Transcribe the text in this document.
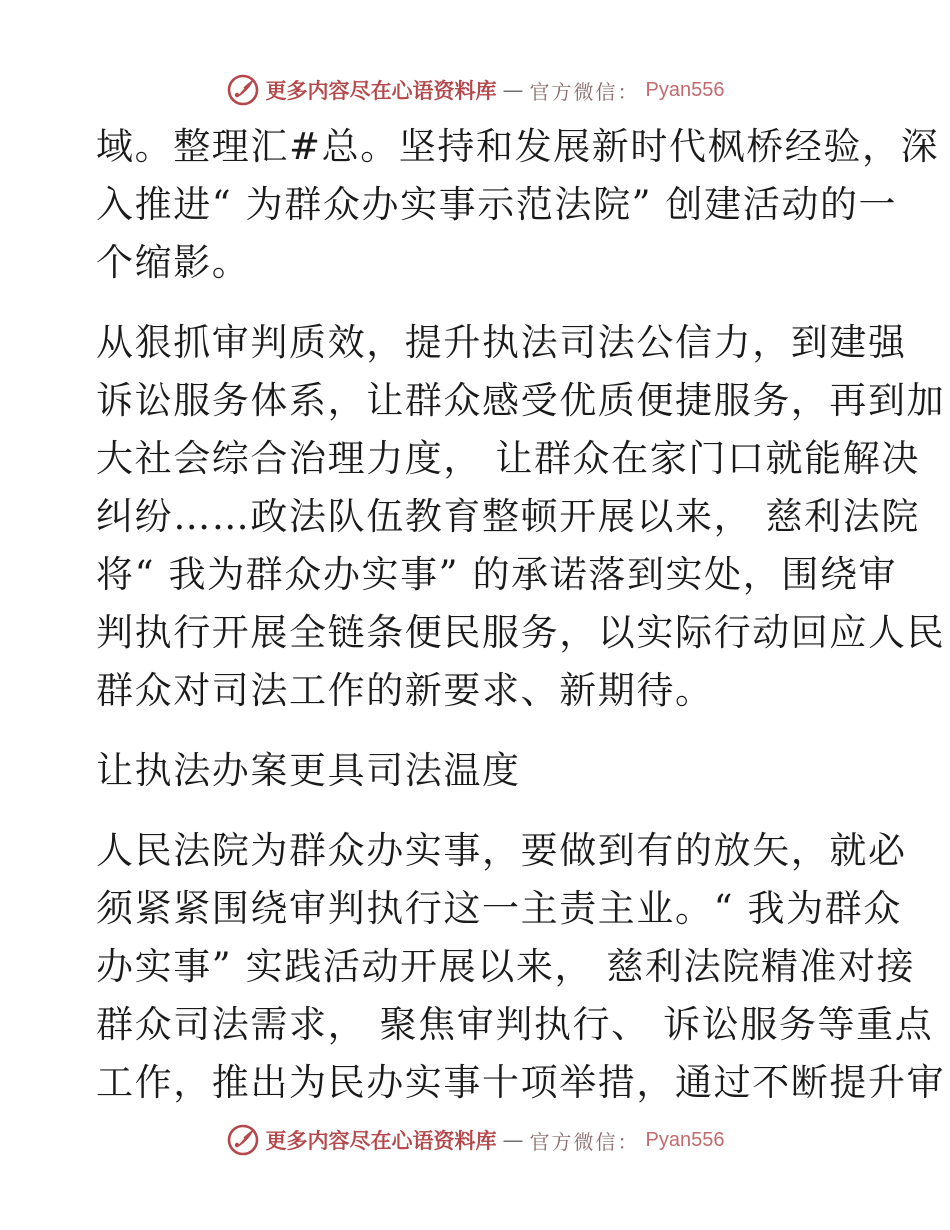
更多内容尽在心语资料库 — 官方微信： Pyan556

域。整理汇#总。坚持和发展新时代枫桥经验，深
入推进“ 为群众办实事示范法院” 创建活动的一
个缩影。

从狠抓审判质效，提升执法司法公信力，到建强
诉讼服务体系，让群众感受优质便捷服务，再到加
大社会综合治理力度， 让群众在家门口就能解决
纠纷……政法队伍教育整顿开展以来， 慈利法院
将“ 我为群众办实事” 的承诺落到实处，围绕审
判执行开展全链条便民服务，以实际行动回应人民
群众对司法工作的新要求、新期待。

让执法办案更具司法温度

人民法院为群众办实事，要做到有的放矢，就必
须紧紧围绕审判执行这一主责主业。“ 我为群众
办实事” 实践活动开展以来， 慈利法院精准对接
群众司法需求， 聚焦审判执行、 诉讼服务等重点
工作，推出为民办实事十项举措，通过不断提升审

更多内容尽在心语资料库 — 官方微信： Pyan556
